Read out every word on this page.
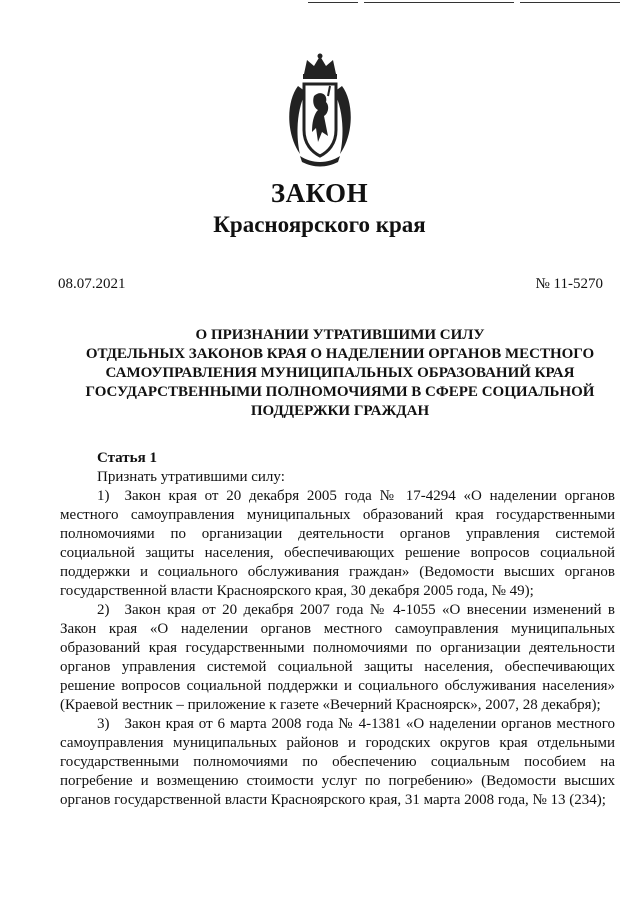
ЗАКОН
Красноярского края
08.07.2021	№ 11-5270
О ПРИЗНАНИИ УТРАТИВШИМИ СИЛУ
ОТДЕЛЬНЫХ ЗАКОНОВ КРАЯ О НАДЕЛЕНИИ ОРГАНОВ МЕСТНОГО
САМОУПРАВЛЕНИЯ МУНИЦИПАЛЬНЫХ ОБРАЗОВАНИЙ КРАЯ
ГОСУДАРСТВЕННЫМИ ПОЛНОМОЧИЯМИ В СФЕРЕ СОЦИАЛЬНОЙ
ПОДДЕРЖКИ ГРАЖДАН

Статья 1

Признать утратившими силу:

1) Закон края от 20 декабря 2005 года № 17-4294 «О наделении органов местного самоуправления муниципальных образований края государственными полномочиями по организации деятельности органов управления системой социальной защиты населения, обеспечивающих решение вопросов социальной поддержки и социального обслуживания граждан» (Ведомости высших органов государственной власти Красноярского края, 30 декабря 2005 года, № 49);

2) Закон края от 20 декабря 2007 года № 4-1055 «О внесении изменений в Закон края «О наделении органов местного самоуправления муниципальных образований края государственными полномочиями по организации деятельности органов управления системой социальной защиты населения, обеспечивающих решение вопросов социальной поддержки и социального обслуживания населения» (Краевой вестник – приложение к газете «Вечерний Красноярск», 2007, 28 декабря);

3) Закон края от 6 марта 2008 года № 4-1381 «О наделении органов местного самоуправления муниципальных районов и городских округов края отдельными государственными полномочиями по обеспечению социальным пособием на погребение и возмещению стоимости услуг по погребению» (Ведомости высших органов государственной власти Красноярского края, 31 марта 2008 года, № 13 (234);
